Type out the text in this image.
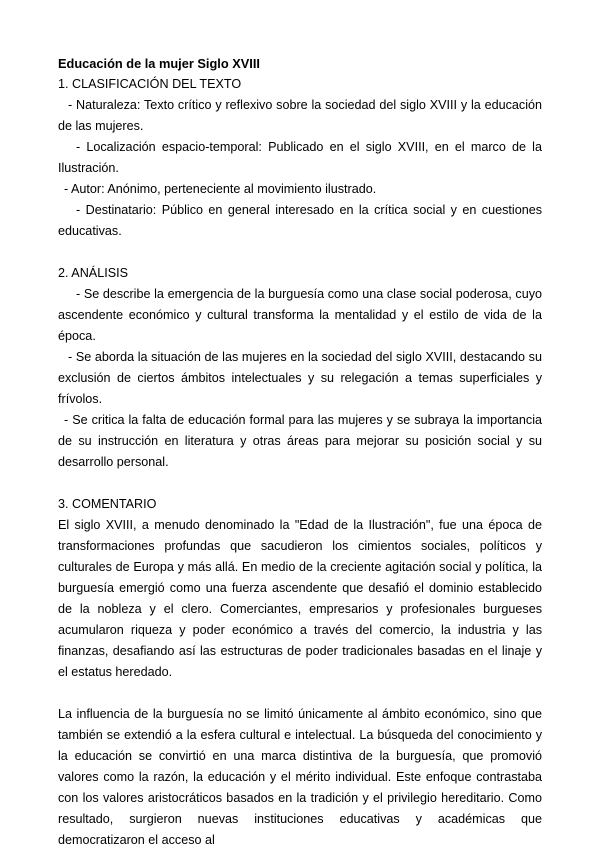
Educación de la mujer Siglo XVIII
1. CLASIFICACIÓN DEL TEXTO

- Naturaleza: Texto crítico y reflexivo sobre la sociedad del siglo XVIII y la educación de las mujeres.

- Localización espacio-temporal: Publicado en el siglo XVIII, en el marco de la Ilustración.

- Autor: Anónimo, perteneciente al movimiento ilustrado.

- Destinatario: Público en general interesado en la crítica social y en cuestiones educativas.

2. ANÁLISIS

- Se describe la emergencia de la burguesía como una clase social poderosa, cuyo ascendente económico y cultural transforma la mentalidad y el estilo de vida de la época.

- Se aborda la situación de las mujeres en la sociedad del siglo XVIII, destacando su exclusión de ciertos ámbitos intelectuales y su relegación a temas superficiales y frívolos.

- Se critica la falta de educación formal para las mujeres y se subraya la importancia de su instrucción en literatura y otras áreas para mejorar su posición social y su desarrollo personal.

3. COMENTARIO

El siglo XVIII, a menudo denominado la "Edad de la Ilustración", fue una época de transformaciones profundas que sacudieron los cimientos sociales, políticos y culturales de Europa y más allá. En medio de la creciente agitación social y política, la burguesía emergió como una fuerza ascendente que desafió el dominio establecido de la nobleza y el clero. Comerciantes, empresarios y profesionales burgueses acumularon riqueza y poder económico a través del comercio, la industria y las finanzas, desafiando así las estructuras de poder tradicionales basadas en el linaje y el estatus heredado.

La influencia de la burguesía no se limitó únicamente al ámbito económico, sino que también se extendió a la esfera cultural e intelectual. La búsqueda del conocimiento y la educación se convirtió en una marca distintiva de la burguesía, que promovió valores como la razón, la educación y el mérito individual. Este enfoque contrastaba con los valores aristocráticos basados en la tradición y el privilegio hereditario. Como resultado, surgieron nuevas instituciones educativas y académicas que democratizaron el acceso al
